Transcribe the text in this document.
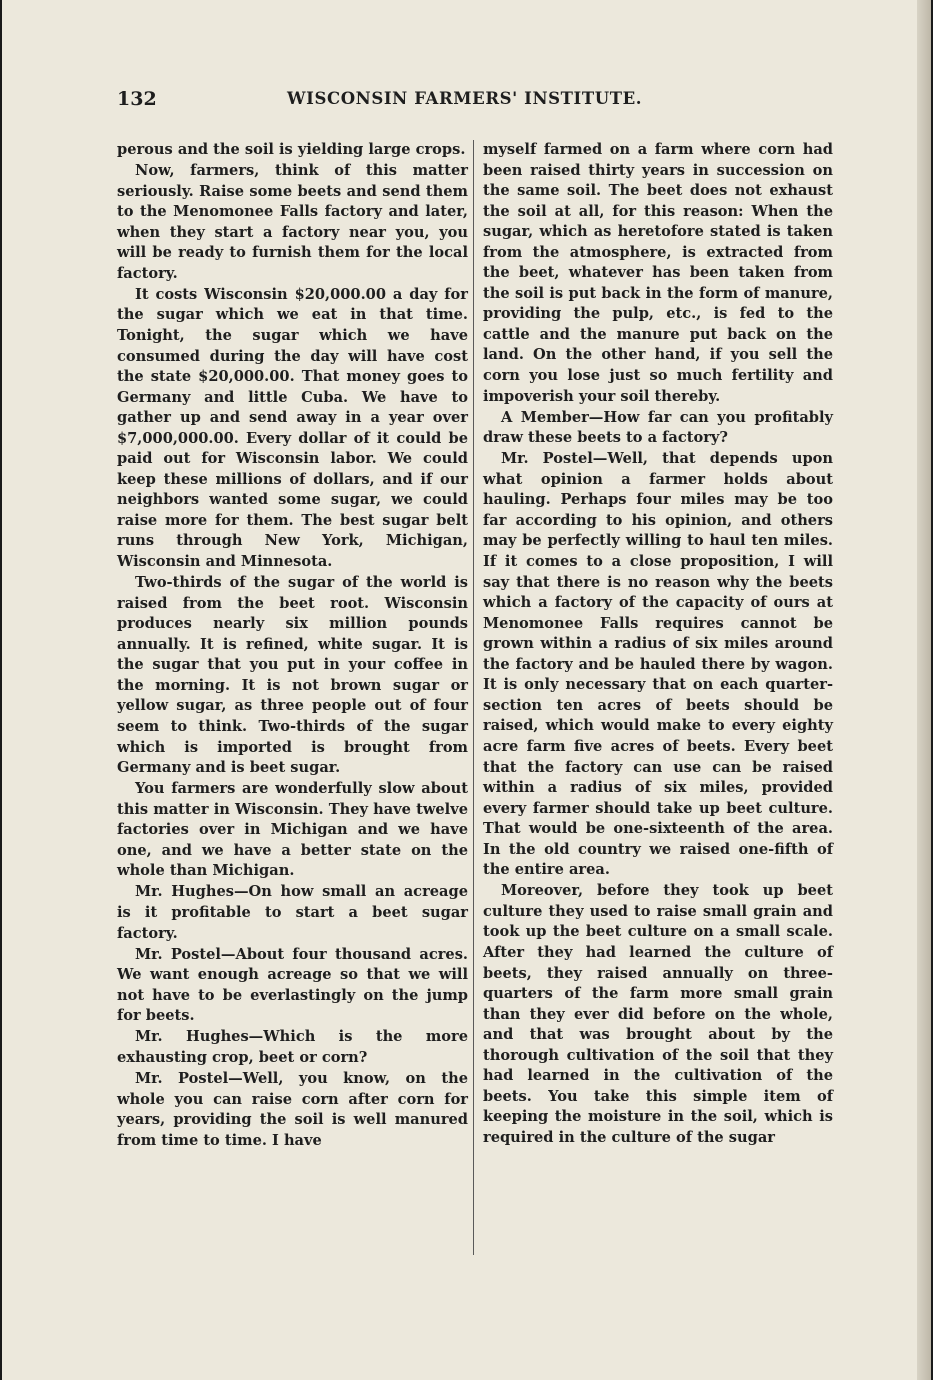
132	WISCONSIN FARMERS' INSTITUTE.

perous and the soil is yielding large crops.

Now, farmers, think of this matter seriously. Raise some beets and send them to the Menomonee Falls factory and later, when they start a factory near you, you will be ready to furnish them for the local factory.

It costs Wisconsin $20,000.00 a day for the sugar which we eat in that time. Tonight, the sugar which we have consumed during the day will have cost the state $20,000.00. That money goes to Germany and little Cuba. We have to gather up and send away in a year over $7,000,000.00. Every dollar of it could be paid out for Wisconsin labor. We could keep these millions of dollars, and if our neighbors wanted some sugar, we could raise more for them. The best sugar belt runs through New York, Michigan, Wisconsin and Minnesota.

Two-thirds of the sugar of the world is raised from the beet root. Wisconsin produces nearly six million pounds annually. It is refined, white sugar. It is the sugar that you put in your coffee in the morning. It is not brown sugar or yellow sugar, as three people out of four seem to think. Two-thirds of the sugar which is imported is brought from Germany and is beet sugar.

You farmers are wonderfully slow about this matter in Wisconsin. They have twelve factories over in Michigan and we have one, and we have a better state on the whole than Michigan.

Mr. Hughes—On how small an acreage is it profitable to start a beet sugar factory.

Mr. Postel—About four thousand acres. We want enough acreage so that we will not have to be everlastingly on the jump for beets.

Mr. Hughes—Which is the more exhausting crop, beet or corn?

Mr. Postel—Well, you know, on the whole you can raise corn after corn for years, providing the soil is well manured from time to time. I have

myself farmed on a farm where corn had been raised thirty years in succession on the same soil. The beet does not exhaust the soil at all, for this reason: When the sugar, which as heretofore stated is taken from the atmosphere, is extracted from the beet, whatever has been taken from the soil is put back in the form of manure, providing the pulp, etc., is fed to the cattle and the manure put back on the land. On the other hand, if you sell the corn you lose just so much fertility and impoverish your soil thereby.

A Member—How far can you profitably draw these beets to a factory?

Mr. Postel—Well, that depends upon what opinion a farmer holds about hauling. Perhaps four miles may be too far according to his opinion, and others may be perfectly willing to haul ten miles. If it comes to a close proposition, I will say that there is no reason why the beets which a factory of the capacity of ours at Menomonee Falls requires cannot be grown within a radius of six miles around the factory and be hauled there by wagon. It is only necessary that on each quarter-section ten acres of beets should be raised, which would make to every eighty acre farm five acres of beets. Every beet that the factory can use can be raised within a radius of six miles, provided every farmer should take up beet culture. That would be one-sixteenth of the area. In the old country we raised one-fifth of the entire area.

Moreover, before they took up beet culture they used to raise small grain and took up the beet culture on a small scale. After they had learned the culture of beets, they raised annually on three-quarters of the farm more small grain than they ever did before on the whole, and that was brought about by the thorough cultivation of the soil that they had learned in the cultivation of the beets. You take this simple item of keeping the moisture in the soil, which is required in the culture of the sugar
